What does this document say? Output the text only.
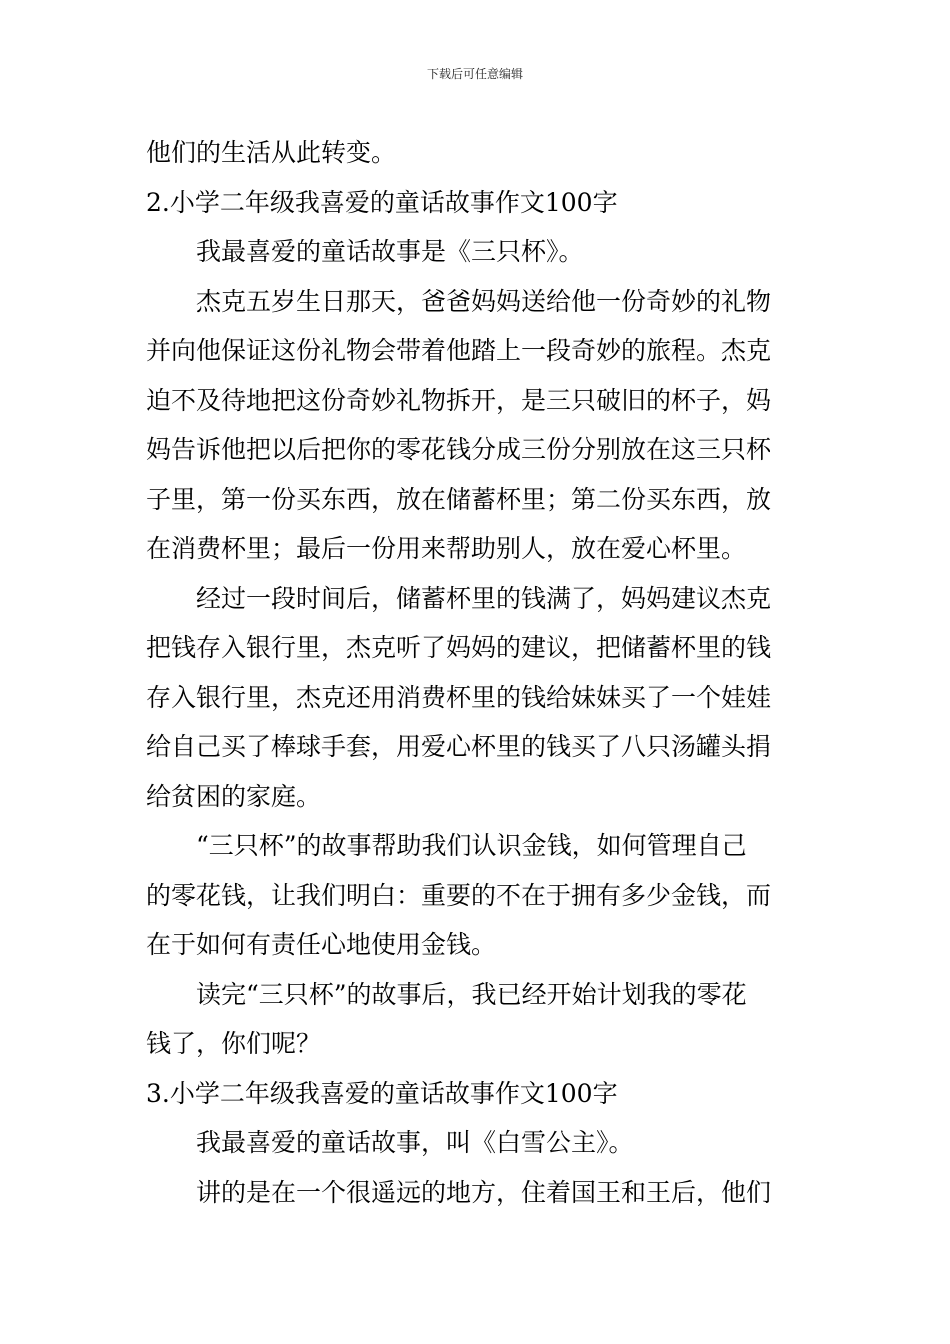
下载后可任意编辑
他们的生活从此转变。
2.小学二年级我喜爱的童话故事作文100字
我最喜爱的童话故事是《三只杯》。
杰克五岁生日那天，爸爸妈妈送给他一份奇妙的礼物
并向他保证这份礼物会带着他踏上一段奇妙的旅程。杰克
迫不及待地把这份奇妙礼物拆开，是三只破旧的杯子，妈
妈告诉他把以后把你的零花钱分成三份分别放在这三只杯
子里，第一份买东西，放在储蓄杯里；第二份买东西，放
在消费杯里；最后一份用来帮助别人，放在爱心杯里。
经过一段时间后，储蓄杯里的钱满了，妈妈建议杰克
把钱存入银行里，杰克听了妈妈的建议，把储蓄杯里的钱
存入银行里，杰克还用消费杯里的钱给妹妹买了一个娃娃
给自己买了棒球手套，用爱心杯里的钱买了八只汤罐头捐
给贫困的家庭。
“三只杯”的故事帮助我们认识金钱，如何管理自己
的零花钱，让我们明白：重要的不在于拥有多少金钱，而
在于如何有责任心地使用金钱。
读完“三只杯”的故事后，我已经开始计划我的零花
钱了，你们呢？
3.小学二年级我喜爱的童话故事作文100字
我最喜爱的童话故事，叫《白雪公主》。
讲的是在一个很遥远的地方，住着国王和王后，他们
